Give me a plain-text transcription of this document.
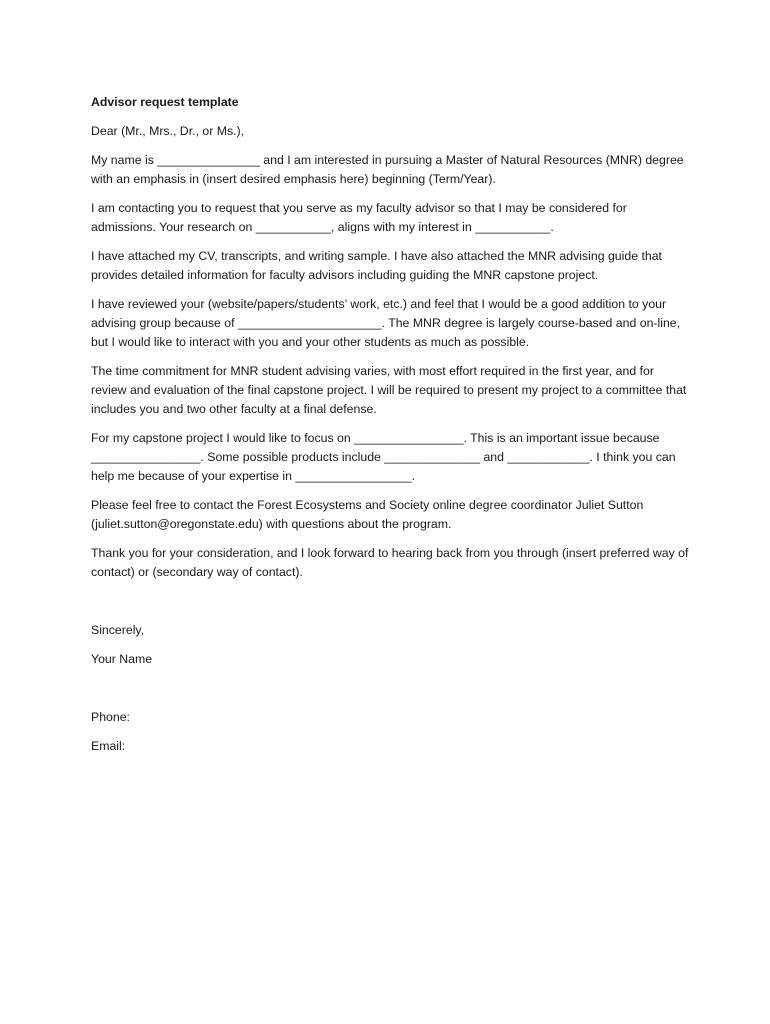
Advisor request template

Dear (Mr., Mrs., Dr., or Ms.),

My name is _______________ and I am interested in pursuing a Master of Natural Resources (MNR) degree with an emphasis in (insert desired emphasis here) beginning (Term/Year).

I am contacting you to request that you serve as my faculty advisor so that I may be considered for admissions. Your research on ___________, aligns with my interest in ___________.

I have attached my CV, transcripts, and writing sample. I have also attached the MNR advising guide that provides detailed information for faculty advisors including guiding the MNR capstone project.

I have reviewed your (website/papers/students’ work, etc.) and feel that I would be a good addition to your advising group because of _____________________. The MNR degree is largely course-based and on-line, but I would like to interact with you and your other students as much as possible.

The time commitment for MNR student advising varies, with most effort required in the first year, and for review and evaluation of the final capstone project. I will be required to present my project to a committee that includes you and two other faculty at a final defense.

For my capstone project I would like to focus on ________________. This is an important issue because ________________. Some possible products include ______________ and ____________. I think you can help me because of your expertise in _________________.

Please feel free to contact the Forest Ecosystems and Society online degree coordinator Juliet Sutton (juliet.sutton@oregonstate.edu) with questions about the program.

Thank you for your consideration, and I look forward to hearing back from you through (insert preferred way of contact) or (secondary way of contact).

Sincerely,

Your Name

Phone:

Email:
